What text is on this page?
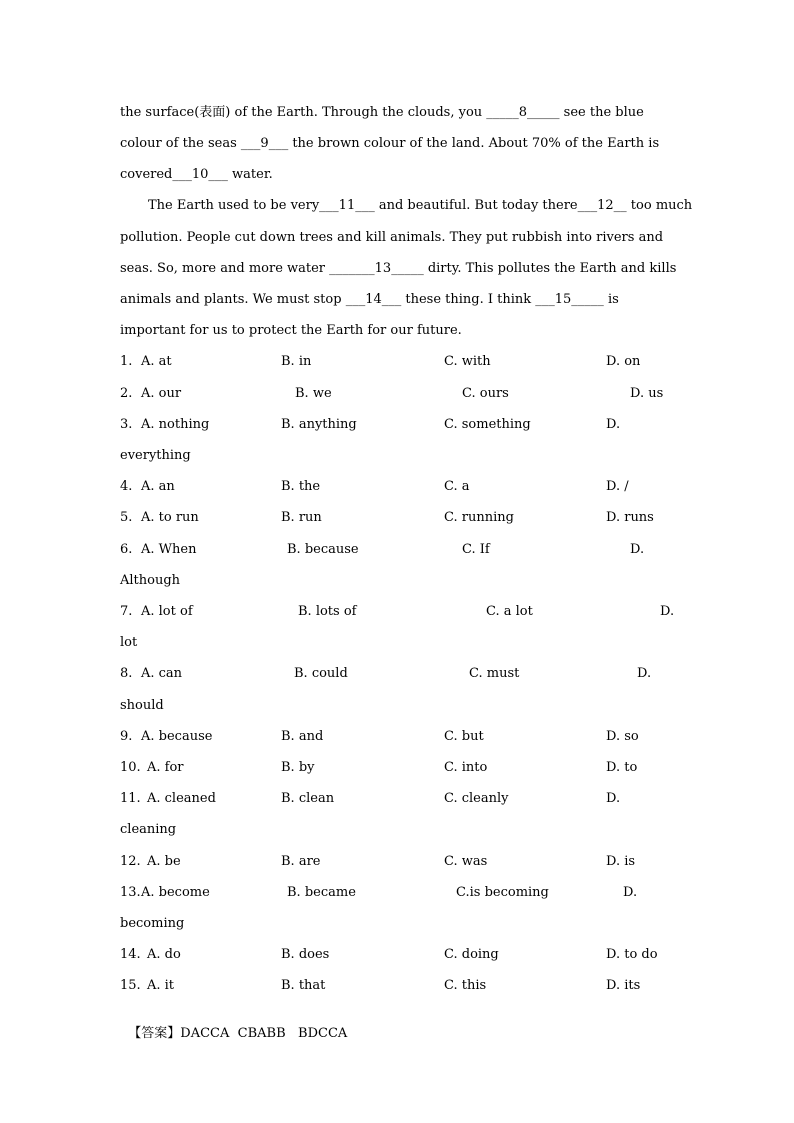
the surface(表面) of the Earth. Through the clouds, you _____8_____ see the blue
colour of the seas ___9___ the brown colour of the land. About 70% of the Earth is
covered___10___ water.
The Earth used to be very___11___ and beautiful. But today there___12__ too much
pollution. People cut down trees and kill animals. They put rubbish into rivers and
seas. So, more and more water _______13_____ dirty. This pollutes the Earth and kills
animals and plants. We must stop ___14___ these thing. I think ___15_____ is
important for us to protect the Earth for our future.
1. A. at	B. in	C. with	D. on
2. A. our	B. we	C. ours	D. us
3. A. nothing	B. anything	C. something	D.
everything
4. A. an	B. the	C. a	D. /
5. A. to run	B. run	C. running	D. runs
6. A. When	B. because	C. If	D.
Although
7. A. lot of	B. lots of	C. a lot	D.
lot
8. A. can	B. could	C. must	D.
should
9. A. because	B. and	C. but	D. so
10. A. for	B. by	C. into	D. to
11. A. cleaned	B. clean	C. cleanly	D.
cleaning
12. A. be	B. are	C. was	D. is
13. A. become	B. became	C.is becoming	D.
becoming
14. A. do	B. does	C. doing	D. to do
15. A. it	B. that	C. this	D. its

【答案】DACCA  CBABB   BDCCA
